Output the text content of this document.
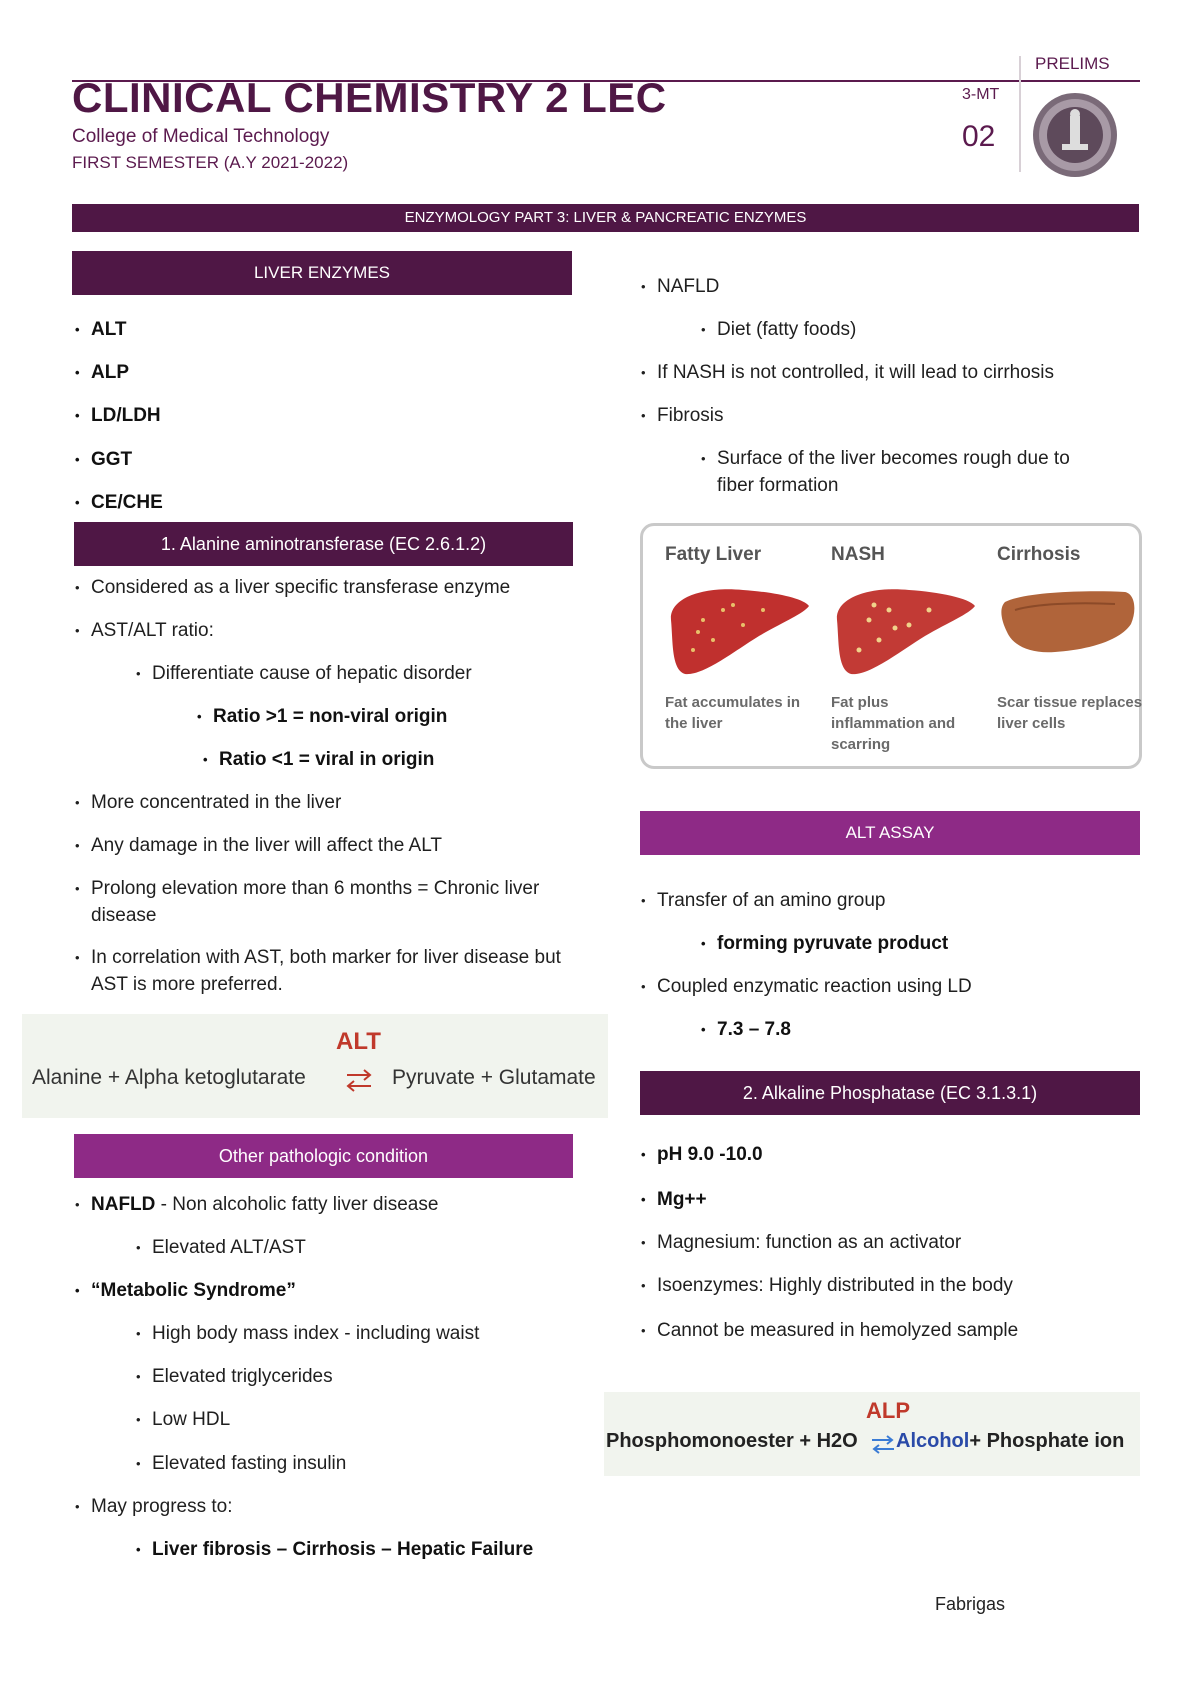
CLINICAL CHEMISTRY 2 LEC
College of Medical Technology
FIRST SEMESTER (A.Y 2021-2022)
PRELIMS
3-MT
02
ENZYMOLOGY PART 3: LIVER & PANCREATIC ENZYMES
LIVER ENZYMES
• ALT
• ALP
• LD/LDH
• GGT
• CE/CHE
1. Alanine aminotransferase (EC 2.6.1.2)
• Considered as a liver specific transferase enzyme
• AST/ALT ratio:
• Differentiate cause of hepatic disorder
• Ratio >1 = non-viral origin
• Ratio <1 = viral in origin
• More concentrated in the liver
• Any damage in the liver will affect the ALT
• Prolong elevation more than 6 months = Chronic liver disease
• In correlation with AST, both marker for liver disease but AST is more preferred.
ALT
Alanine + Alpha ketoglutarate ⇌ Pyruvate + Glutamate
Other pathologic condition
• NAFLD - Non alcoholic fatty liver disease
• Elevated ALT/AST
• “Metabolic Syndrome”
• High body mass index - including waist
• Elevated triglycerides
• Low HDL
• Elevated fasting insulin
• May progress to:
• Liver fibrosis – Cirrhosis – Hepatic Failure
• NAFLD
• Diet (fatty foods)
• If NASH is not controlled, it will lead to cirrhosis
• Fibrosis
• Surface of the liver becomes rough due to fiber formation
Fatty Liver
Fat accumulates in the liver
NASH
Fat plus inflammation and scarring
Cirrhosis
Scar tissue replaces liver cells
ALT ASSAY
• Transfer of an amino group
• forming pyruvate product
• Coupled enzymatic reaction using LD
• 7.3 – 7.8
2. Alkaline Phosphatase (EC 3.1.3.1)
• pH 9.0 -10.0
• Mg++
• Magnesium: function as an activator
• Isoenzymes: Highly distributed in the body
• Cannot be measured in hemolyzed sample
ALP
Phosphomonoester + H2O ⇌ Alcohol+ Phosphate ion
Fabrigas
